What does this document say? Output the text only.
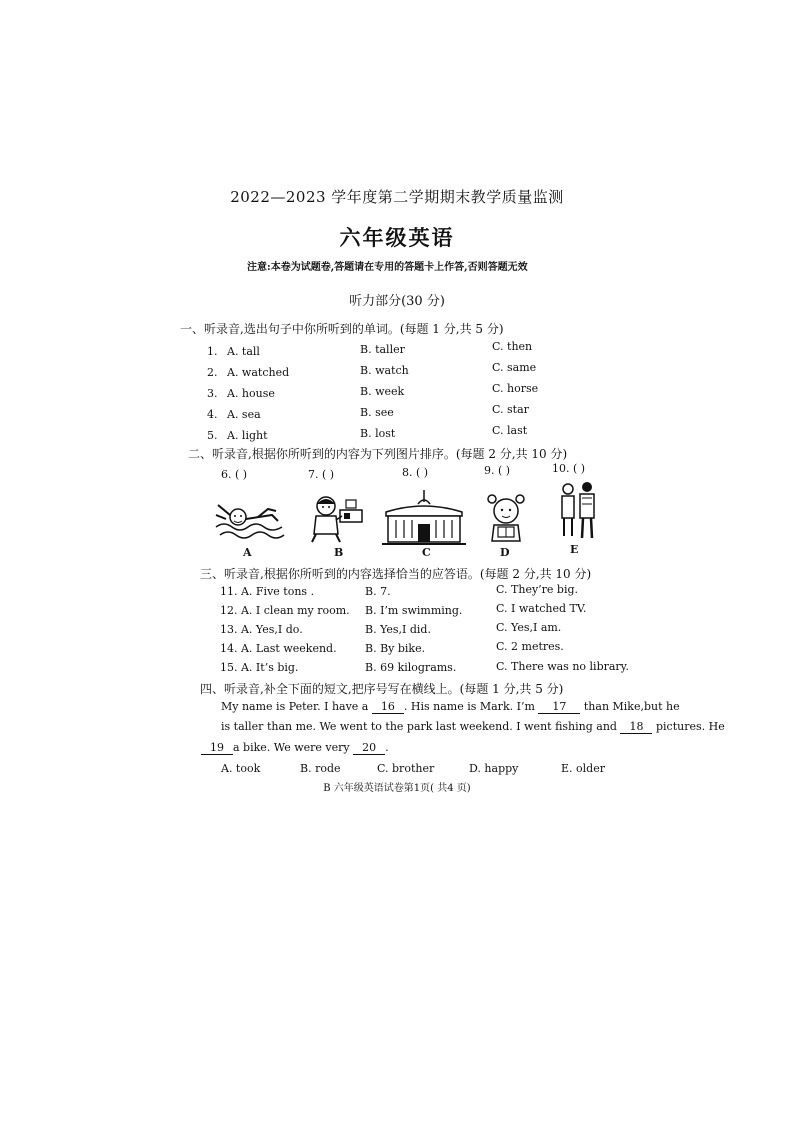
2022—2023 学年度第二学期期末教学质量监测
六年级英语
注意:本卷为试题卷,答题请在专用的答题卡上作答,否则答题无效
听力部分(30 分)
一、听录音,选出句子中你所听到的单词。(每题 1 分,共 5 分)
1. A. tall	B. taller	C. then
2. A. watched	B. watch	C. same
3. A. house	B. week	C. horse
4. A. sea	B. see	C. star
5. A. light	B. lost	C. last
二、听录音,根据你所听到的内容为下列图片排序。(每题 2 分,共 10 分)
6. ( )	7. ( )	8. ( )	9. ( )	10. ( )
A	B	C	D	E
三、听录音,根据你所听到的内容选择恰当的应答语。(每题 2 分,共 10 分)
11. A. Five tons .	B. 7.	C. They’re big.
12. A. I clean my room. B. I’m swimming.	C. I watched TV.
13. A. Yes,I do.	B. Yes,I did.	C. Yes,I am.
14. A. Last weekend.	B. By bike.	C. 2 metres.
15. A. It’s big.	B. 69 kilograms.	C. There was no library.
四、听录音,补全下面的短文,把序号写在横线上。(每题 1 分,共 5 分)
My name is Peter. I have a 16 . His name is Mark. I’m 17 than Mike,but he
is taller than me. We went to the park last weekend. I went fishing and 18 pictures. He
19 a bike. We were very 20 .
A. took	B. rode	C. brother	D. happy	E. older
B 六年级英语试卷第1页( 共4 页)
